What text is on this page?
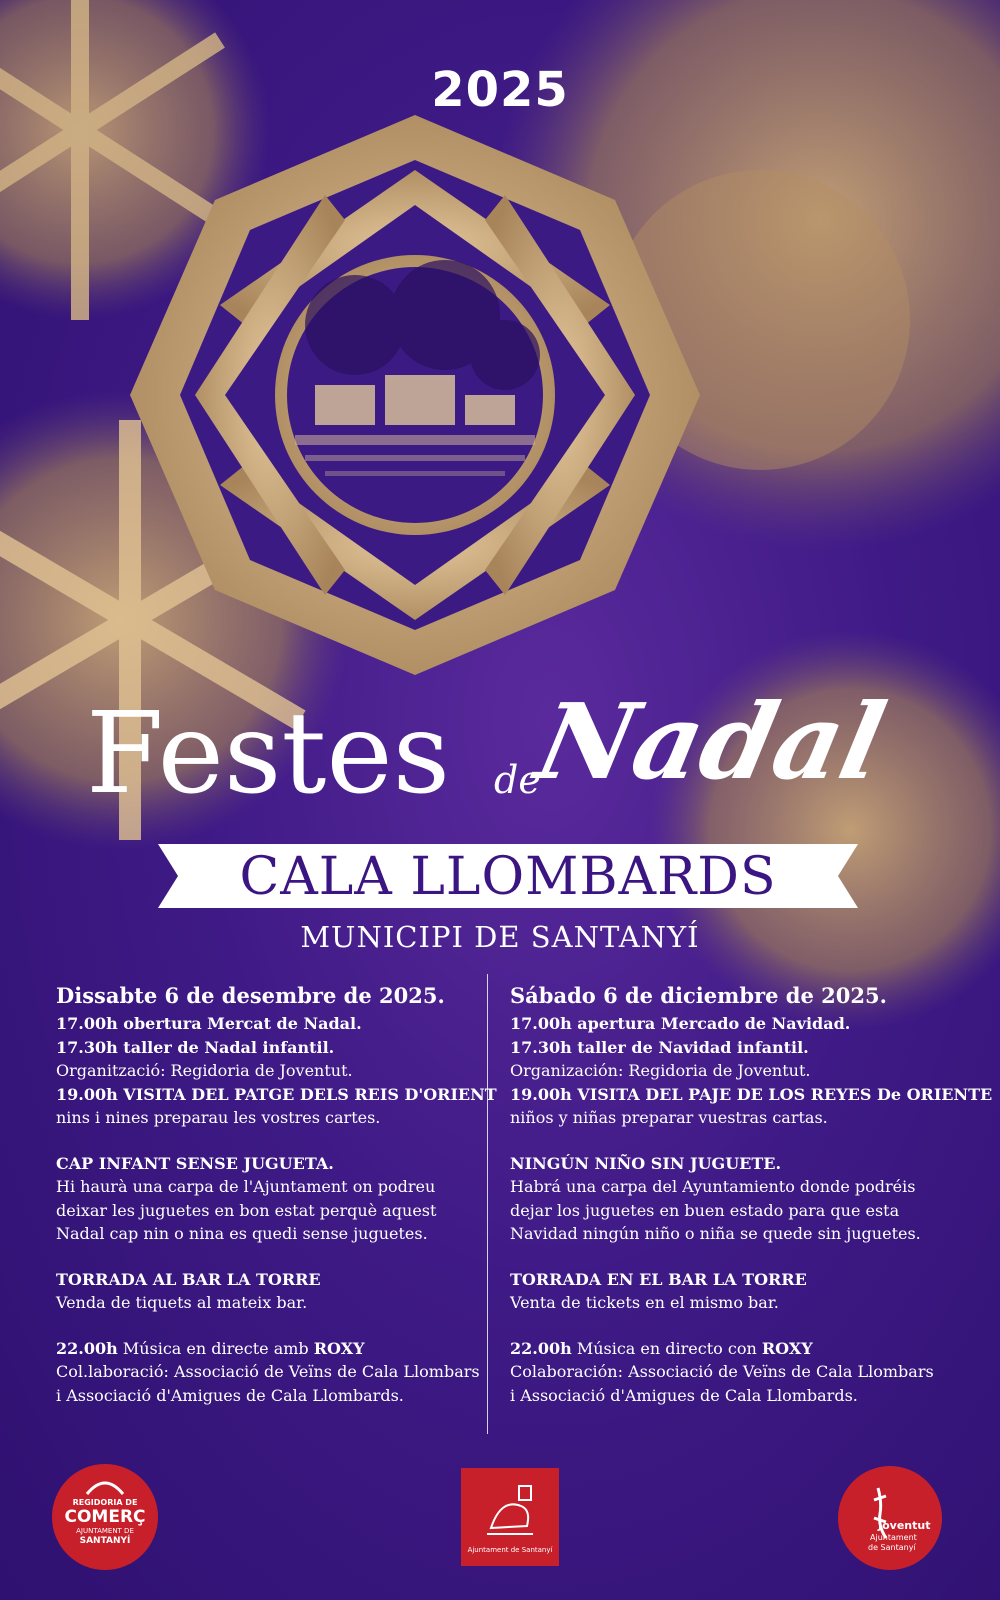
2025
Festes de
Nadal
CALA LLOMBARDS
MUNICIPI DE SANTANYÍ
Dissabte 6 de desembre de 2025.
17.00h obertura Mercat de Nadal.
17.30h taller de Nadal infantil.
Organització: Regidoria de Joventut.
19.00h VISITA DEL PATGE DELS REIS D'ORIENT
nins i nines preparau les vostres cartes.
CAP INFANT SENSE JUGUETA.
Hi haurà una carpa de l'Ajuntament on podreu
deixar les juguetes en bon estat perquè aquest
Nadal cap nin o nina es quedi sense juguetes.
TORRADA AL BAR LA TORRE
Venda de tiquets al mateix bar.
22.00h Música en directe amb ROXY
Col.laboració: Associació de Veïns de Cala Llombars
i Associació d'Amigues de Cala Llombards.
Sábado 6 de diciembre de 2025.
17.00h apertura Mercado de Navidad.
17.30h taller de Navidad infantil.
Organización: Regidoria de Joventut.
19.00h VISITA DEL PAJE DE LOS REYES De ORIENTE
niños y niñas preparar vuestras cartas.
NINGÚN NIÑO SIN JUGUETE.
Habrá una carpa del Ayuntamiento donde podréis
dejar los juguetes en buen estado para que esta
Navidad ningún niño o niña se quede sin juguetes.
TORRADA EN EL BAR LA TORRE
Venta de tickets en el mismo bar.
22.00h Música en directo con ROXY
Colaboración: Associació de Veïns de Cala Llombars
i Associació d'Amigues de Cala Llombards.
REGIDORIA DE
COMERÇ
AJUNTAMENT DE
SANTANYÍ
Ajuntament de Santanyí
Joventut
Ajuntament
de Santanyí
